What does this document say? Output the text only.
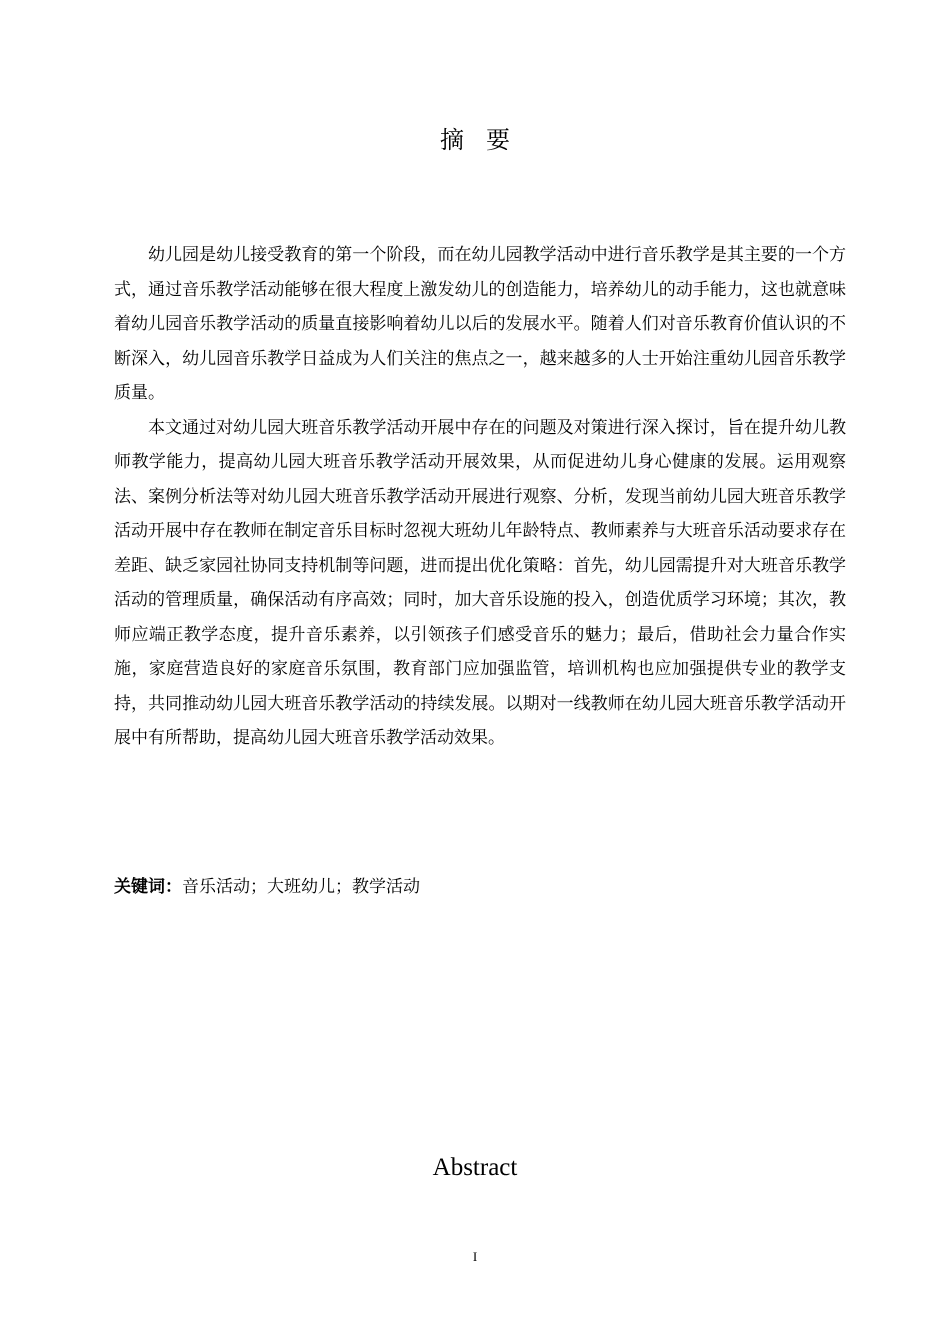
摘要

幼儿园是幼儿接受教育的第一个阶段，而在幼儿园教学活动中进行音乐教学是其主要的一个方式，通过音乐教学活动能够在很大程度上激发幼儿的创造能力，培养幼儿的动手能力，这也就意味着幼儿园音乐教学活动的质量直接影响着幼儿以后的发展水平。随着人们对音乐教育价值认识的不断深入，幼儿园音乐教学日益成为人们关注的焦点之一，越来越多的人士开始注重幼儿园音乐教学质量。

本文通过对幼儿园大班音乐教学活动开展中存在的问题及对策进行深入探讨，旨在提升幼儿教师教学能力，提高幼儿园大班音乐教学活动开展效果，从而促进幼儿身心健康的发展。运用观察法、案例分析法等对幼儿园大班音乐教学活动开展进行观察、分析，发现当前幼儿园大班音乐教学活动开展中存在教师在制定音乐目标时忽视大班幼儿年龄特点、教师素养与大班音乐活动要求存在差距、缺乏家园社协同支持机制等问题，进而提出优化策略：首先，幼儿园需提升对大班音乐教学活动的管理质量，确保活动有序高效；同时，加大音乐设施的投入，创造优质学习环境；其次，教师应端正教学态度，提升音乐素养，以引领孩子们感受音乐的魅力；最后，借助社会力量合作实施，家庭营造良好的家庭音乐氛围，教育部门应加强监管，培训机构也应加强提供专业的教学支持，共同推动幼儿园大班音乐教学活动的持续发展。以期对一线教师在幼儿园大班音乐教学活动开展中有所帮助，提高幼儿园大班音乐教学活动效果。

关键词：音乐活动；大班幼儿；教学活动
Abstract
I
